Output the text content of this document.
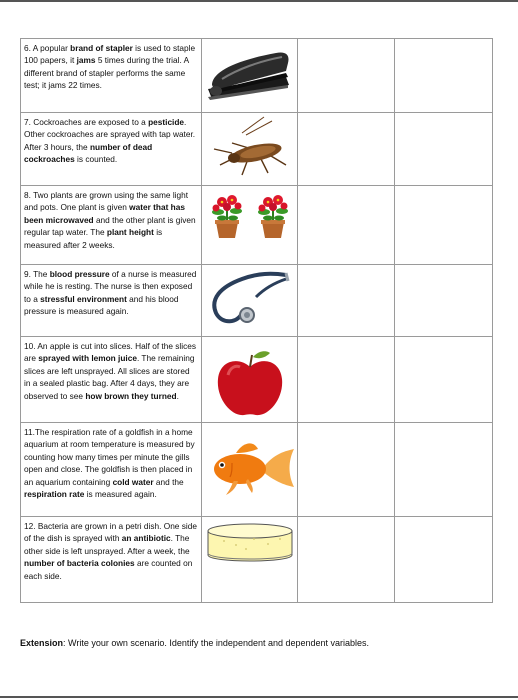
6. A popular brand of stapler is used to staple 100 papers, it jams 5 times during the trial. A different brand of stapler performs the same test; it jams 22 times.	

7. Cockroaches are exposed to a pesticide. Other cockroaches are sprayed with tap water. After 3 hours, the number of dead cockroaches is counted.	

8. Two plants are grown using the same light and pots. One plant is given water that has been microwaved and the other plant is given regular tap water. The plant height is measured after 2 weeks.	

9. The blood pressure of a nurse is measured while he is resting. The nurse is then exposed to a stressful environment and his blood pressure is measured again.	

10. An apple is cut into slices. Half of the slices are sprayed with lemon juice. The remaining slices are left unsprayed. All slices are stored in a sealed plastic bag. After 4 days, they are observed to see how brown they turned.	

11.The respiration rate of a goldfish in a home aquarium at room temperature is measured by counting how many times per minute the gills open and close. The goldfish is then placed in an aquarium containing cold water and the respiration rate is measured again.	

12. Bacteria are grown in a petri dish. One side of the dish is sprayed with an antibiotic. The other side is left unsprayed. After a week, the number of bacteria colonies are counted on each side.	

Extension: Write your own scenario. Identify the independent and dependent variables.
